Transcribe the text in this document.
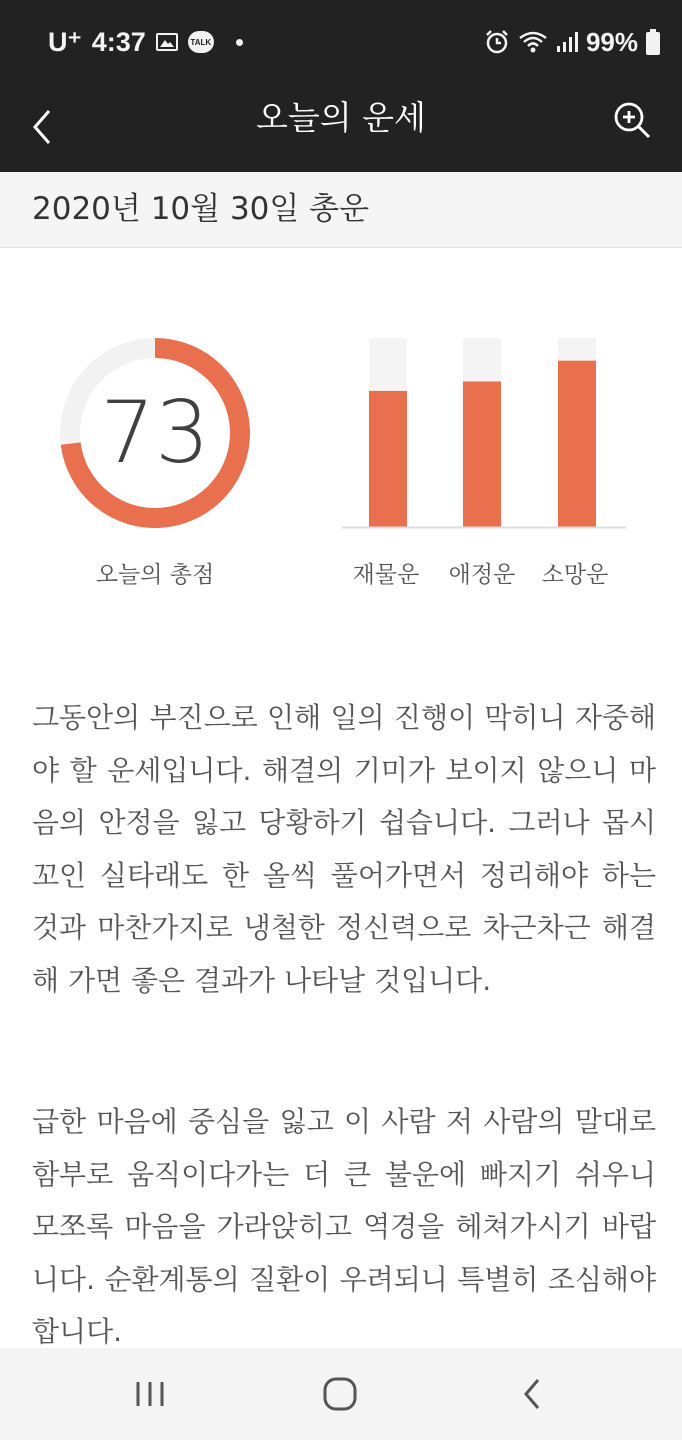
U⁺ 4:37	TALK	99%
오늘의 운세
2020년 10월 30일 총운
73
오늘의 총점	재물운	애정운	소망운

그동안의 부진으로 인해 일의 진행이 막히니 자중해야 할 운세입니다. 해결의 기미가 보이지 않으니 마음의 안정을 잃고 당황하기 쉽습니다. 그러나 몹시 꼬인 실타래도 한 올씩 풀어가면서 정리해야 하는 것과 마찬가지로 냉철한 정신력으로 차근차근 해결해 가면 좋은 결과가 나타날 것입니다.

급한 마음에 중심을 잃고 이 사람 저 사람의 말대로 함부로 움직이다가는 더 큰 불운에 빠지기 쉬우니 모쪼록 마음을 가라앉히고 역경을 헤쳐가시기 바랍니다. 순환계통의 질환이 우려되니 특별히 조심해야 합니다.
